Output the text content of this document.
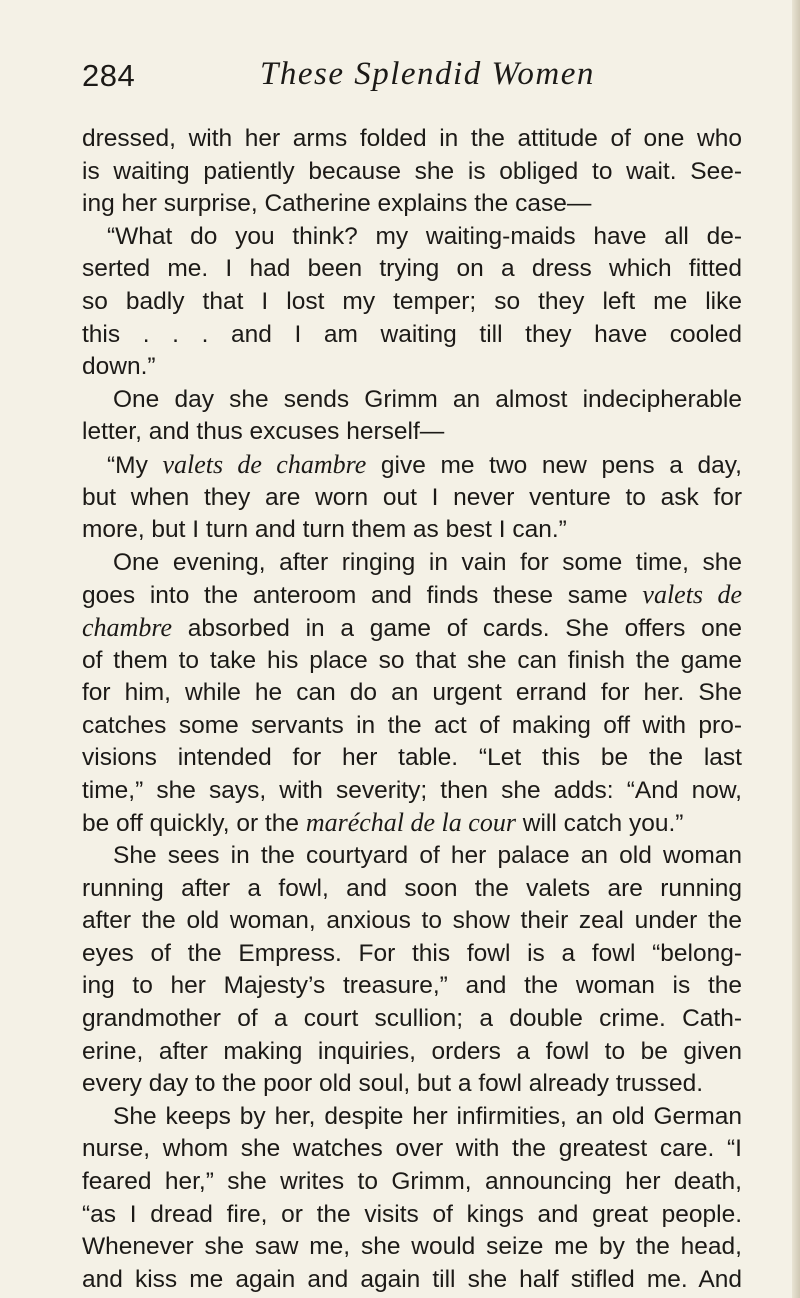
284	These Splendid Women
dressed, with her arms folded in the attitude of one who
is waiting patiently because she is obliged to wait. See-
ing her surprise, Catherine explains the case—
“What do you think? my waiting-maids have all de-
serted me. I had been trying on a dress which fitted
so badly that I lost my temper; so they left me like
this . . . and I am waiting till they have cooled
down.”
One day she sends Grimm an almost indecipherable
letter, and thus excuses herself—
“My valets de chambre give me two new pens a day,
but when they are worn out I never venture to ask for
more, but I turn and turn them as best I can.”
One evening, after ringing in vain for some time, she
goes into the anteroom and finds these same valets de
chambre absorbed in a game of cards. She offers one
of them to take his place so that she can finish the game
for him, while he can do an urgent errand for her. She
catches some servants in the act of making off with pro-
visions intended for her table. “Let this be the last
time,” she says, with severity; then she adds: “And now,
be off quickly, or the maréchal de la cour will catch you.”
She sees in the courtyard of her palace an old woman
running after a fowl, and soon the valets are running
after the old woman, anxious to show their zeal under the
eyes of the Empress. For this fowl is a fowl “belong-
ing to her Majesty’s treasure,” and the woman is the
grandmother of a court scullion; a double crime. Cath-
erine, after making inquiries, orders a fowl to be given
every day to the poor old soul, but a fowl already trussed.
She keeps by her, despite her infirmities, an old German
nurse, whom she watches over with the greatest care. “I
feared her,” she writes to Grimm, announcing her death,
“as I dread fire, or the visits of kings and great people.
Whenever she saw me, she would seize me by the head,
and kiss me again and again till she half stifled me. And
